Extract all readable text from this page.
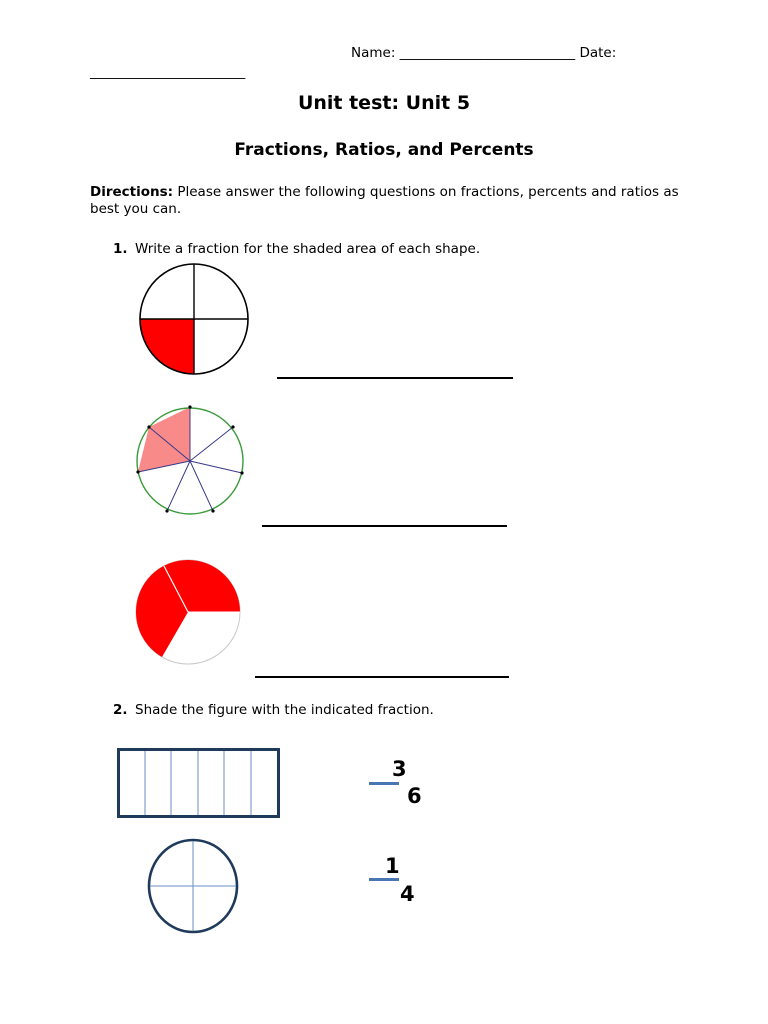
Name: __________________________ Date:
_______________________
Unit test: Unit 5
Fractions, Ratios, and Percents
Directions: Please answer the following questions on fractions, percents and ratios as best you can.
1. Write a fraction for the shaded area of each shape.
2. Shade the figure with the indicated fraction.
3
6
1
4
